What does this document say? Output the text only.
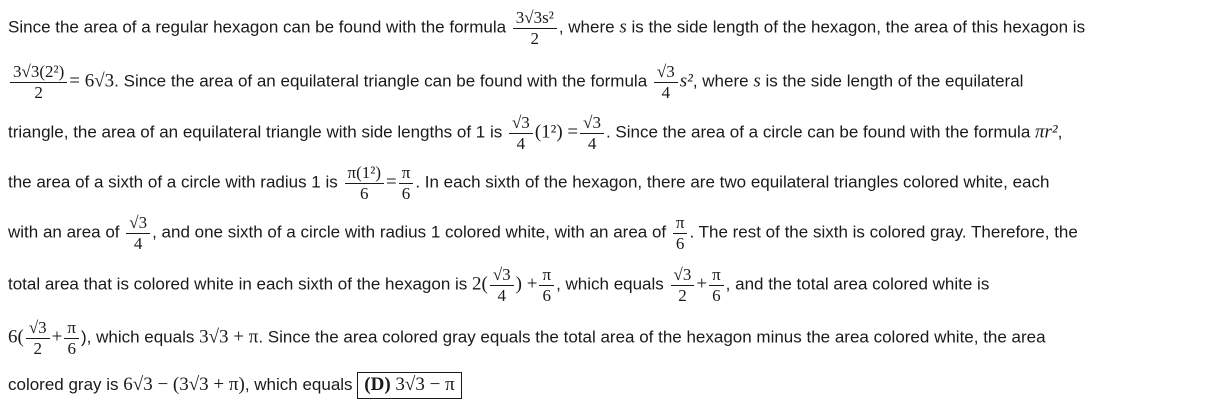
Since the area of a regular hexagon can be found with the formula $\frac{\text{3√3s²}}{2}$ , where s is the side length of the hexagon, the area of this hexagon is
$\frac{\text{3√3(2²)}}{2} = 6√3$. Since the area of an equilateral triangle can be found with the formula $\frac{√3}{4} s^2$, where s is the side length of the equilateral
triangle, the area of an equilateral triangle with side lengths of 1 is $\frac{√3}{4} (1^2) = \frac{√3}{4}$ . Since the area of a circle can be found with the formula πr²,
the area of a sixth of a circle with radius 1 is $\frac{\text{π(1²)}}{6} = \frac{\pi}{6}$ . In each sixth of the hexagon, there are two equilateral triangles colored white, each
with an area of $\frac{√3}{4}$ , and one sixth of a circle with radius 1 colored white, with an area of $\frac{\pi}{6}$ . The rest of the sixth is colored gray. Therefore, the
total area that is colored white in each sixth of the hexagon is $2( \frac{√3}{4}$ ) + $\frac{\pi}{6}$ , which equals $\frac{√3}{2} + \frac{\pi}{6}$ , and the total area colored white is
$6( \frac{√3}{2} + \frac{\pi}{6}$ ), which equals 3√3 + π. Since the area colored gray equals the total area of the hexagon minus the area colored white, the area
colored gray is 6√3 − (3√3 + π), which equals (D) 3√3 − π
